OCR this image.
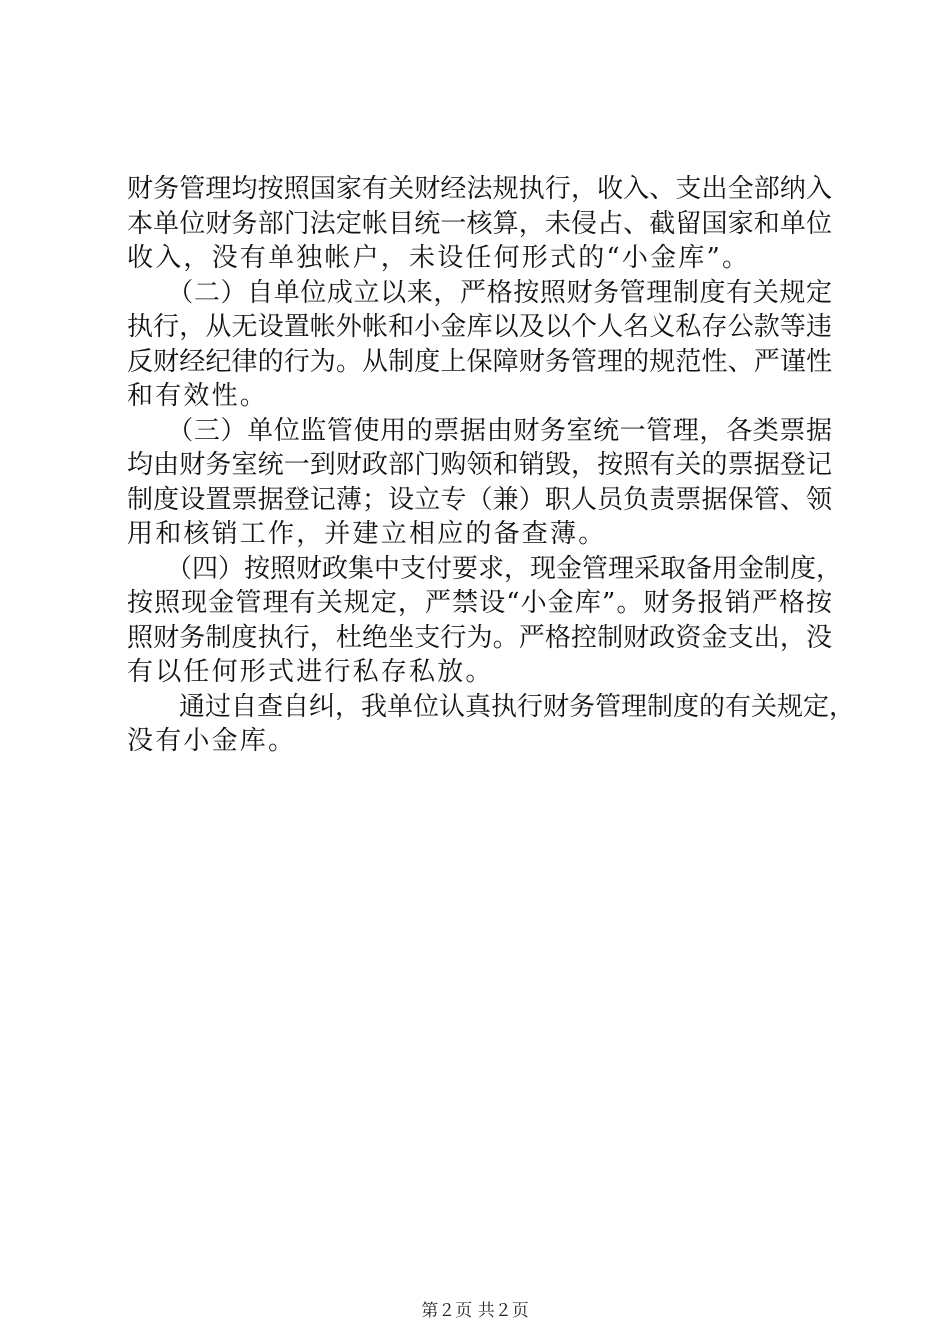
财务管理均按照国家有关财经法规执行，收入、支出全部纳入
本单位财务部门法定帐目统一核算，未侵占、截留国家和单位
收入，没有单独帐户，未设任何形式的“小金库”。
　　（二）自单位成立以来，严格按照财务管理制度有关规定
执行，从无设置帐外帐和小金库以及以个人名义私存公款等违
反财经纪律的行为。从制度上保障财务管理的规范性、严谨性
和有效性。
　　（三）单位监管使用的票据由财务室统一管理，各类票据
均由财务室统一到财政部门购领和销毁，按照有关的票据登记
制度设置票据登记薄；设立专（兼）职人员负责票据保管、领
用和核销工作，并建立相应的备查薄。
　　（四）按照财政集中支付要求，现金管理采取备用金制度，
按照现金管理有关规定，严禁设“小金库”。财务报销严格按
照财务制度执行，杜绝坐支行为。严格控制财政资金支出，没
有以任何形式进行私存私放。
　　通过自查自纠，我单位认真执行财务管理制度的有关规定，
没有小金库。
第２页 共２页
